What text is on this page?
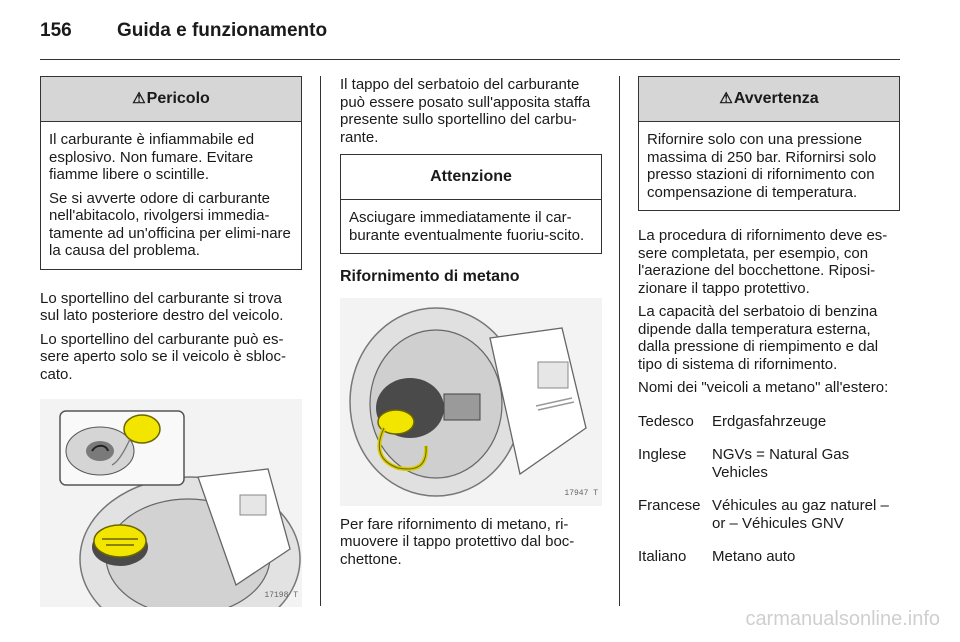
156 Guida e funzionamento
⚠ Pericolo

Il carburante è infiammabile ed esplosivo. Non fumare. Evitare fiamme libere o scintille.

Se si avverte odore di carburante nell'abitacolo, rivolgersi immedia-tamente ad un'officina per elimi-nare la causa del problema.

Lo sportellino del carburante si trova sul lato posteriore destro del veicolo.

Lo sportellino del carburante può es-sere aperto solo se il veicolo è sbloc-cato.

17198 T

Il tappo del serbatoio del carburante può essere posato sull'apposita staffa presente sullo sportellino del carbu-rante.

Attenzione

Asciugare immediatamente il car-burante eventualmente fuoriu-scito.

Rifornimento di metano
17947 T

Per fare rifornimento di metano, ri-muovere il tappo protettivo dal boc-chettone.

⚠ Avvertenza

Rifornire solo con una pressione massima di 250 bar. Rifornirsi solo presso stazioni di rifornimento con compensazione di temperatura.

La procedura di rifornimento deve es-sere completata, per esempio, con l'aerazione del bocchettone. Riposi-zionare il tappo protettivo.

La capacità del serbatoio di benzina dipende dalla temperatura esterna, dalla pressione di riempimento e dal tipo di sistema di rifornimento.

Nomi dei "veicoli a metano" all'estero:

Tedesco	Erdgasfahrzeuge

Inglese	NGVs = Natural Gas Vehicles

Francese	Véhicules au gaz naturel – or – Véhicules GNV

Italiano	Metano auto
carmanualsonline.info
